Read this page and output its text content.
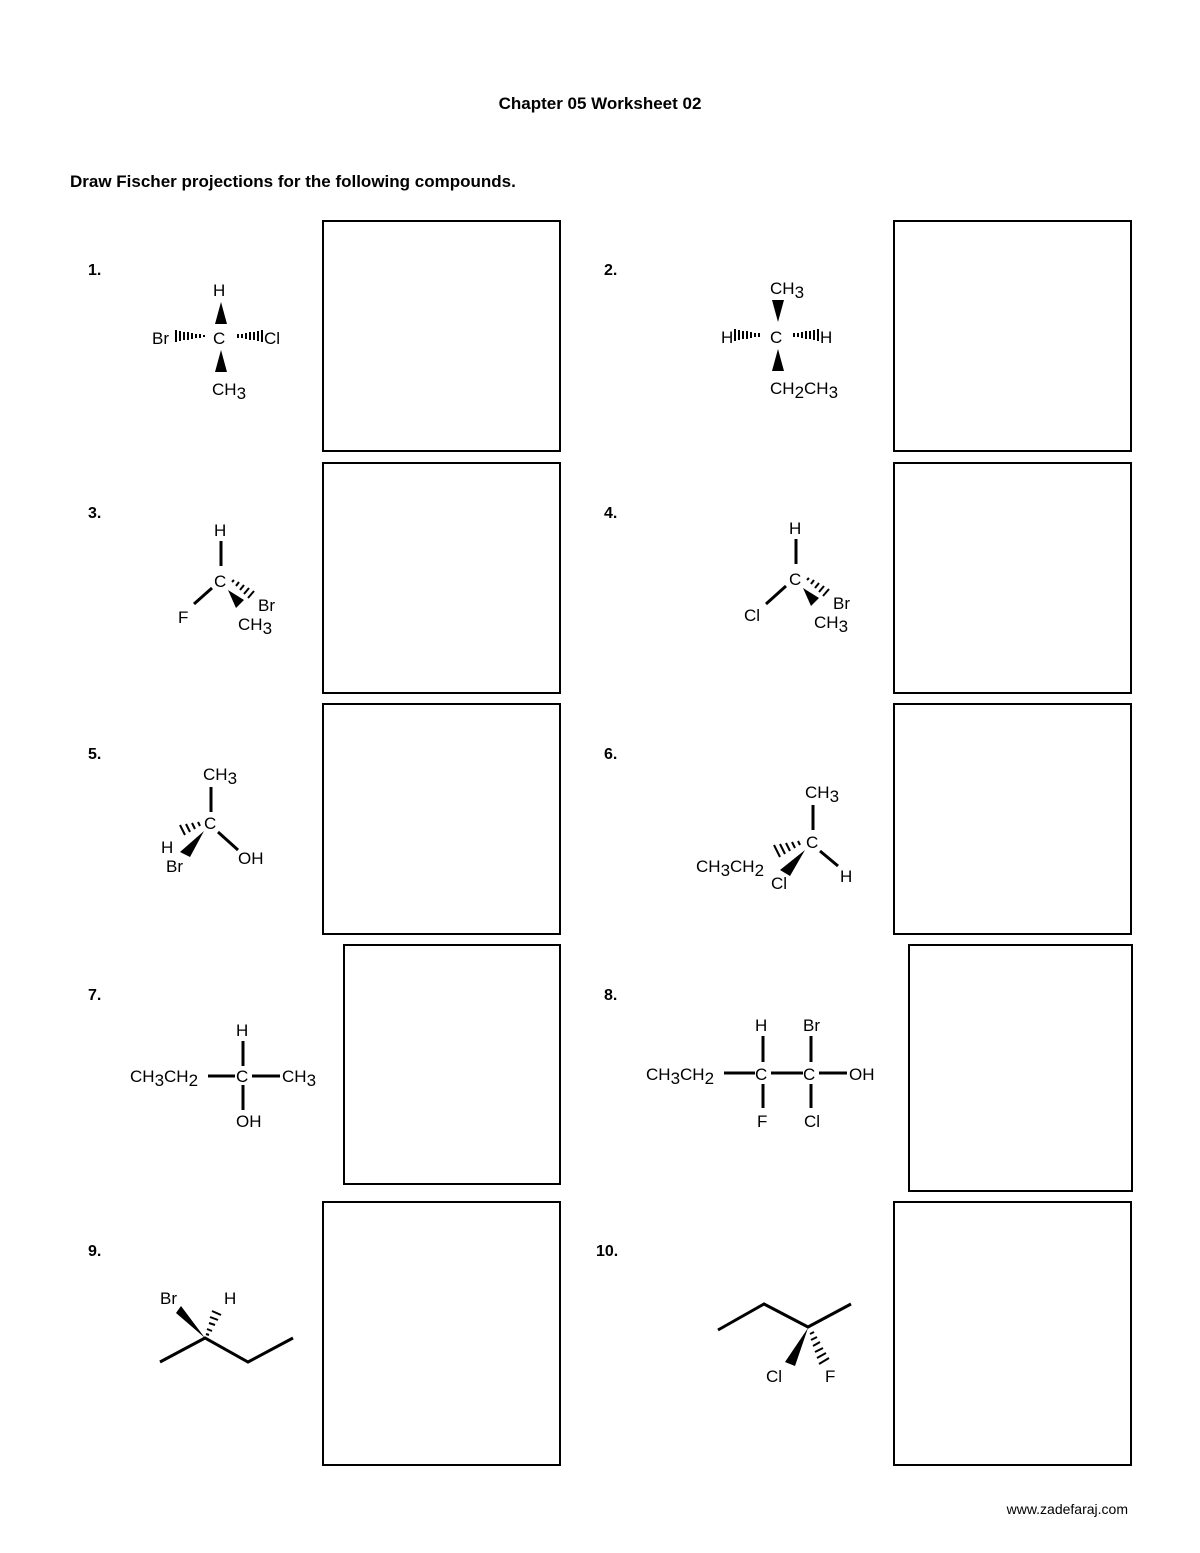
Chapter 05 Worksheet 02
Draw Fischer projections for the following compounds.
1.	2.
3.	4.
5.	6.
7.	8.
9.	10.
H
C
Br	Cl
CH3
CH3
C
H	H
CH2CH3
H
C
F
Br
CH3
H
C
Cl
Br
CH3
CH3
C
H
Br	OH
CH3
C
CH3CH2
Cl	H
H
CH3CH2 C CH3
OH
H Br
CH3CH2 C C OH
F Cl
Br	H
Cl	F
www.zadefaraj.com
